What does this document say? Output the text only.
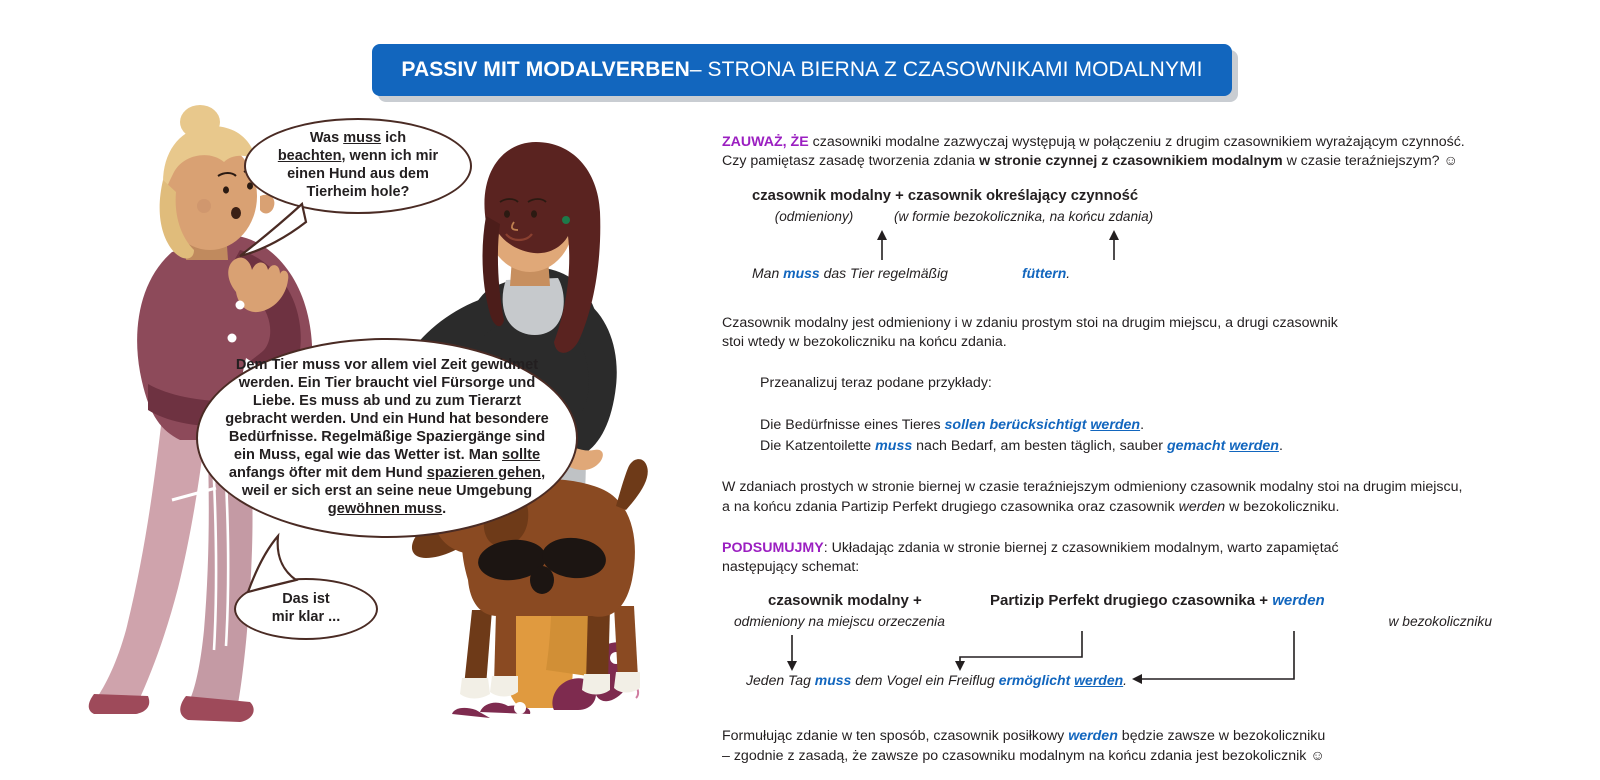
PASSIV MIT MODALVERBEN – STRONA BIERNA Z CZASOWNIKAMI MODALNYMI
Was muss ich
beachten, wenn ich mir
einen Hund aus dem
Tierheim hole?
Dem Tier muss vor allem viel Zeit gewidmet werden. Ein Tier braucht viel Fürsorge und Liebe. Es muss ab und zu zum Tierarzt gebracht werden. Und ein Hund hat besondere Bedürfnisse. Regelmäßige Spaziergänge sind ein Muss, egal wie das Wetter ist. Man sollte anfangs öfter mit dem Hund spazieren gehen, weil er sich erst an seine neue Umgebung gewöhnen muss.
Das ist
mir klar ...
ZAUWAŻ, ŻE czasowniki modalne zazwyczaj występują w połączeniu z drugim czasownikiem wyrażającym czynność. Czy pamiętasz zasadę tworzenia zdania w stronie czynnej z czasownikiem modalnym w czasie teraźniejszym? ☺
czasownik modalny + czasownik określający czynność
(odmieniony)	(w formie bezokolicznika, na końcu zdania)
Man muss das Tier regelmäßig	füttern.
Czasownik modalny jest odmieniony i w zdaniu prostym stoi na drugim miejscu, a drugi czasownik
stoi wtedy w bezokoliczniku na końcu zdania.
Przeanalizuj teraz podane przykłady:
Die Bedürfnisse eines Tieres sollen berücksichtigt werden.
Die Katzentoilette muss nach Bedarf, am besten täglich, sauber gemacht werden.
W zdaniach prostych w stronie biernej w czasie teraźniejszym odmieniony czasownik modalny stoi na drugim miejscu,
a na końcu zdania Partizip Perfekt drugiego czasownika oraz czasownik werden w bezokoliczniku.
PODSUMUJMY: Układając zdania w stronie biernej z czasownikiem modalnym, warto zapamiętać
następujący schemat:
czasownik modalny +
odmieniony na miejscu orzeczenia
Partizip Perfekt drugiego czasownika + werden
w bezokoliczniku
Jeden Tag muss dem Vogel ein Freiflug ermöglicht werden.
Formułując zdanie w ten sposób, czasownik posiłkowy werden będzie zawsze w bezokoliczniku
– zgodnie z zasadą, że zawsze po czasowniku modalnym na końcu zdania jest bezokolicznik ☺
